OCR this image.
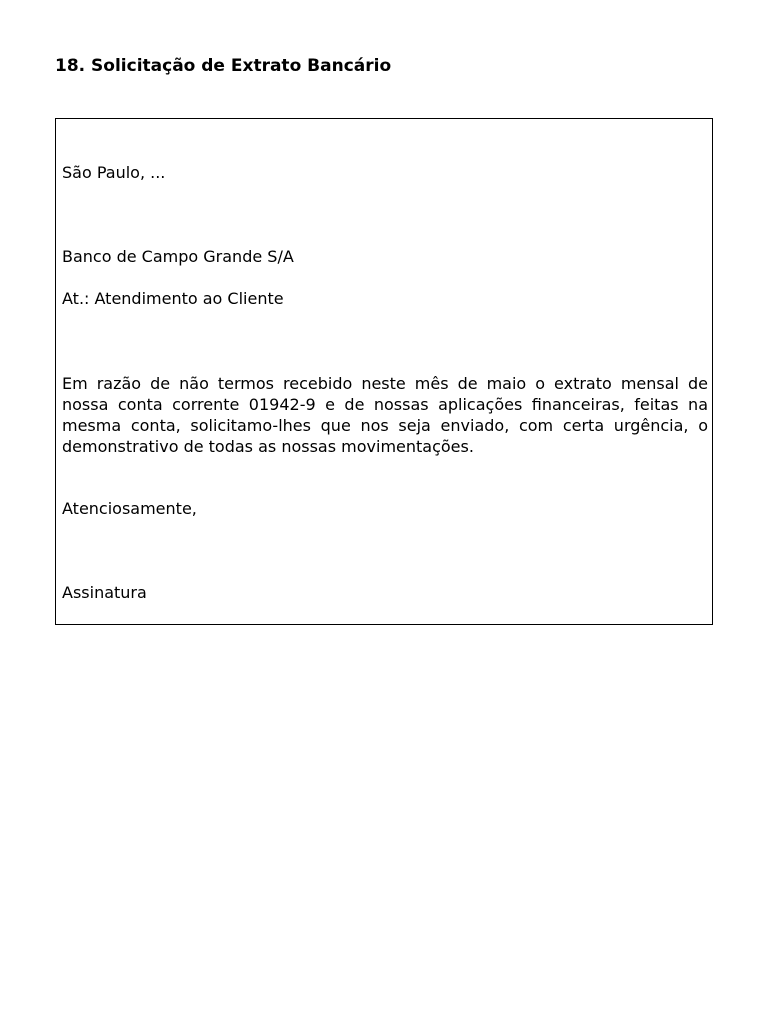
18. Solicitação de Extrato Bancário

São Paulo, ...

Banco de Campo Grande S/A

At.: Atendimento ao Cliente

Em razão de não termos recebido neste mês de maio o extrato mensal de nossa conta corrente 01942-9 e de nossas aplicações financeiras, feitas na mesma conta, solicitamo-lhes que nos seja enviado, com certa urgência, o demonstrativo de todas as nossas movimentações.

Atenciosamente,

Assinatura
